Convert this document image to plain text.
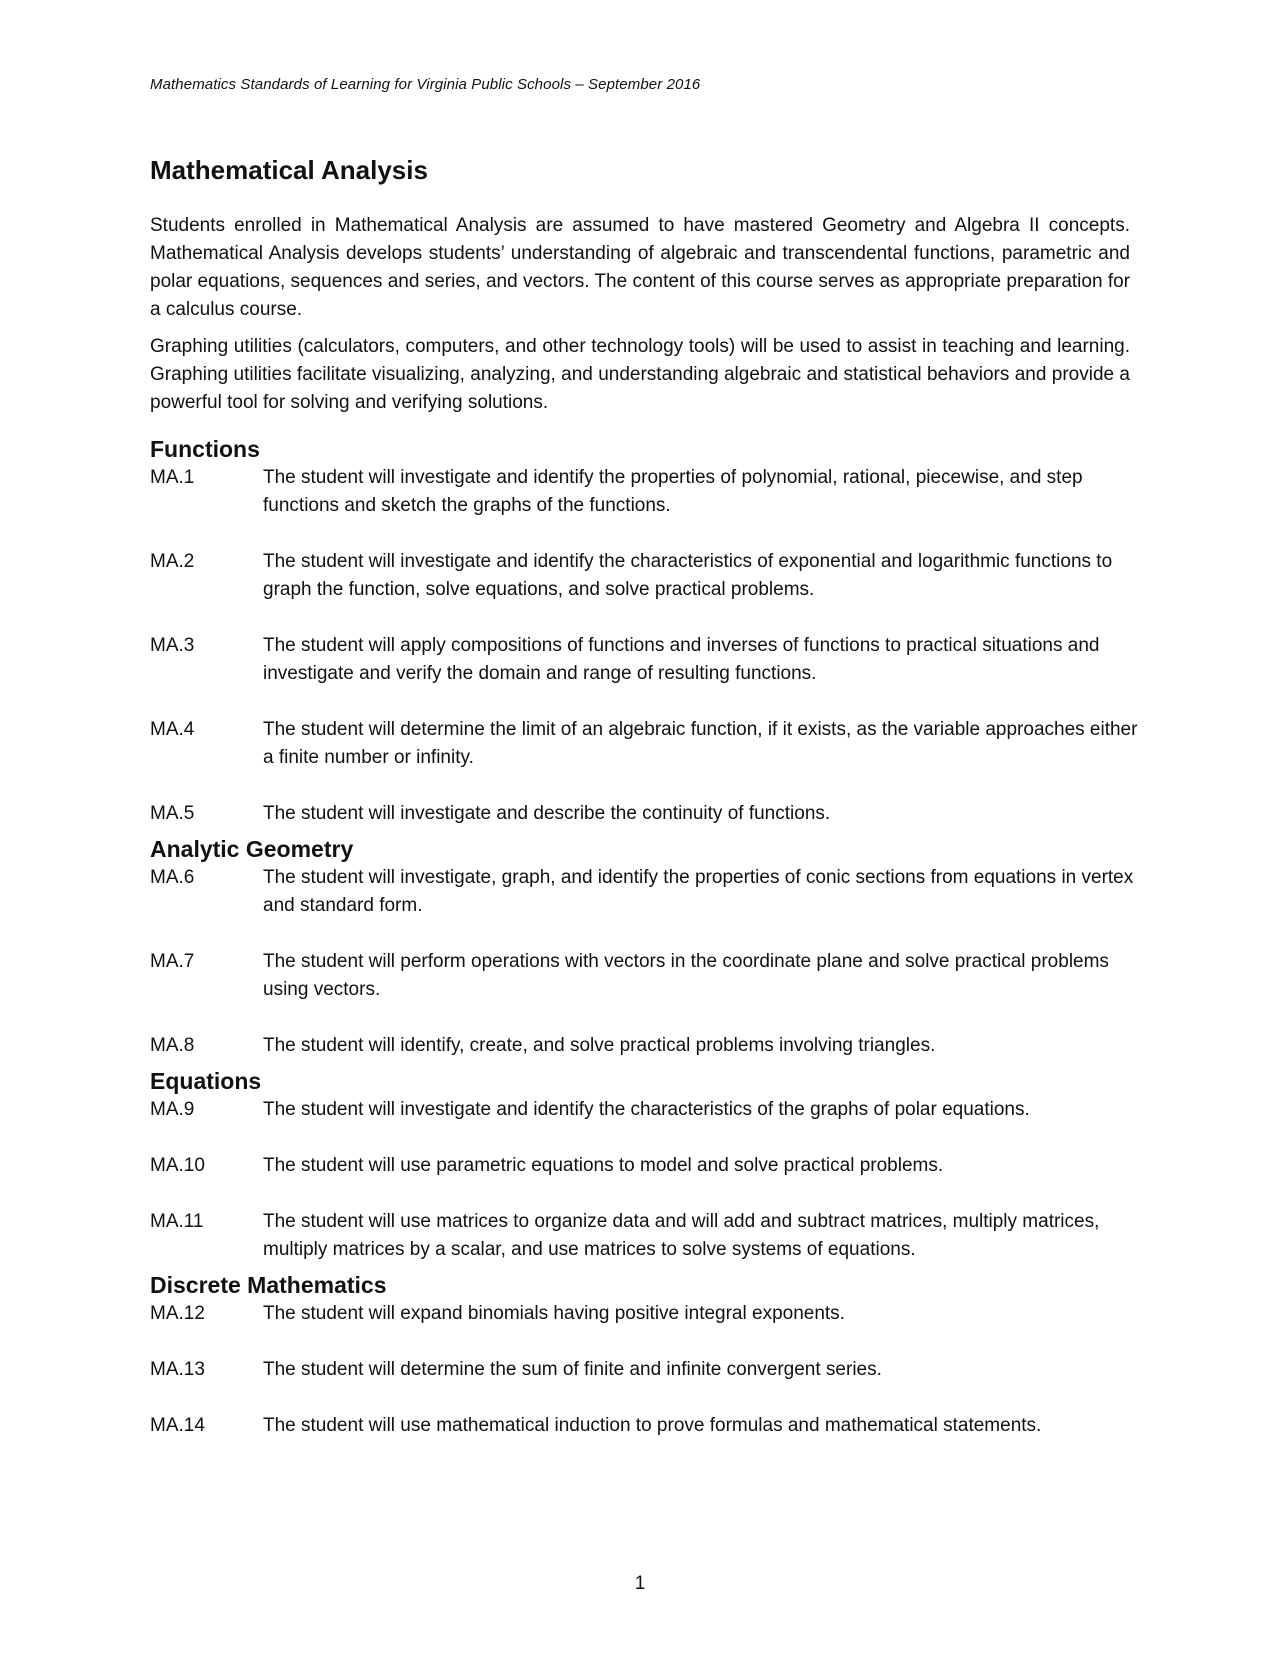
Mathematics Standards of Learning for Virginia Public Schools – September 2016
Mathematical Analysis

Students enrolled in Mathematical Analysis are assumed to have mastered Geometry and Algebra II concepts. Mathematical Analysis develops students’ understanding of algebraic and transcendental functions, parametric and polar equations, sequences and series, and vectors. The content of this course serves as appropriate preparation for a calculus course.

Graphing utilities (calculators, computers, and other technology tools) will be used to assist in teaching and learning. Graphing utilities facilitate visualizing, analyzing, and understanding algebraic and statistical behaviors and provide a powerful tool for solving and verifying solutions.

Functions
MA.1	The student will investigate and identify the properties of polynomial, rational, piecewise, and step functions and sketch the graphs of the functions.
MA.2	The student will investigate and identify the characteristics of exponential and logarithmic functions to graph the function, solve equations, and solve practical problems.
MA.3	The student will apply compositions of functions and inverses of functions to practical situations and investigate and verify the domain and range of resulting functions.
MA.4	The student will determine the limit of an algebraic function, if it exists, as the variable approaches either a finite number or infinity.
MA.5	The student will investigate and describe the continuity of functions.
Analytic Geometry
MA.6	The student will investigate, graph, and identify the properties of conic sections from equations in vertex and standard form.
MA.7	The student will perform operations with vectors in the coordinate plane and solve practical problems using vectors.
MA.8	The student will identify, create, and solve practical problems involving triangles.
Equations
MA.9	The student will investigate and identify the characteristics of the graphs of polar equations.
MA.10	The student will use parametric equations to model and solve practical problems.
MA.11	The student will use matrices to organize data and will add and subtract matrices, multiply matrices, multiply matrices by a scalar, and use matrices to solve systems of equations.
Discrete Mathematics
MA.12	The student will expand binomials having positive integral exponents.
MA.13	The student will determine the sum of finite and infinite convergent series.
MA.14	The student will use mathematical induction to prove formulas and mathematical statements.
1
